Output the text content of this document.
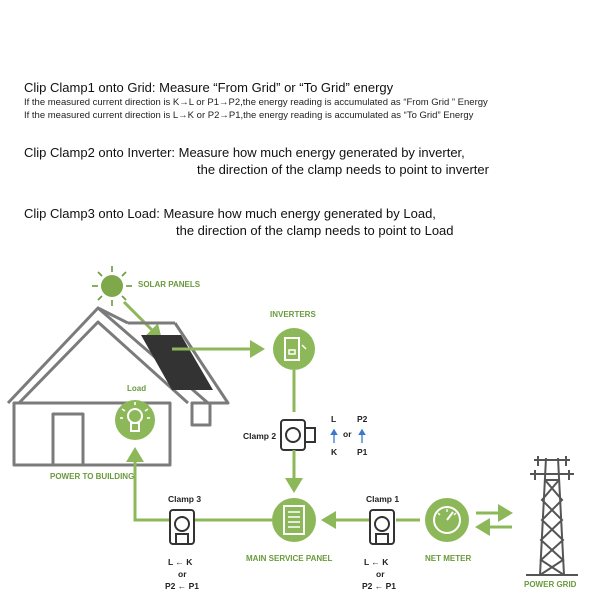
Clip Clamp1 onto Grid: Measure “From Grid” or “To Grid” energy
If the measured current direction is K→L or P1→P2,the energy reading is accumulated as “From Grid ” Energy
If the measured current direction is L→K or P2→P1,the energy reading is accumulated as “To Grid” Energy
Clip Clamp2 onto Inverter: Measure how much energy generated by inverter,
the direction of the clamp needs to point to inverter
Clip Clamp3 onto Load: Measure how much energy generated by Load,
the direction of the clamp needs to point to Load
SOLAR PANELS
Load
POWER TO BUILDING
INVERTERS
Clamp 2
L P2
or
K P1
MAIN SERVICE PANEL
Clamp 3
L ← K
or
P2 ← P1
Clamp 1
L ← K
or
P2 ← P1
NET METER
POWER GRID
